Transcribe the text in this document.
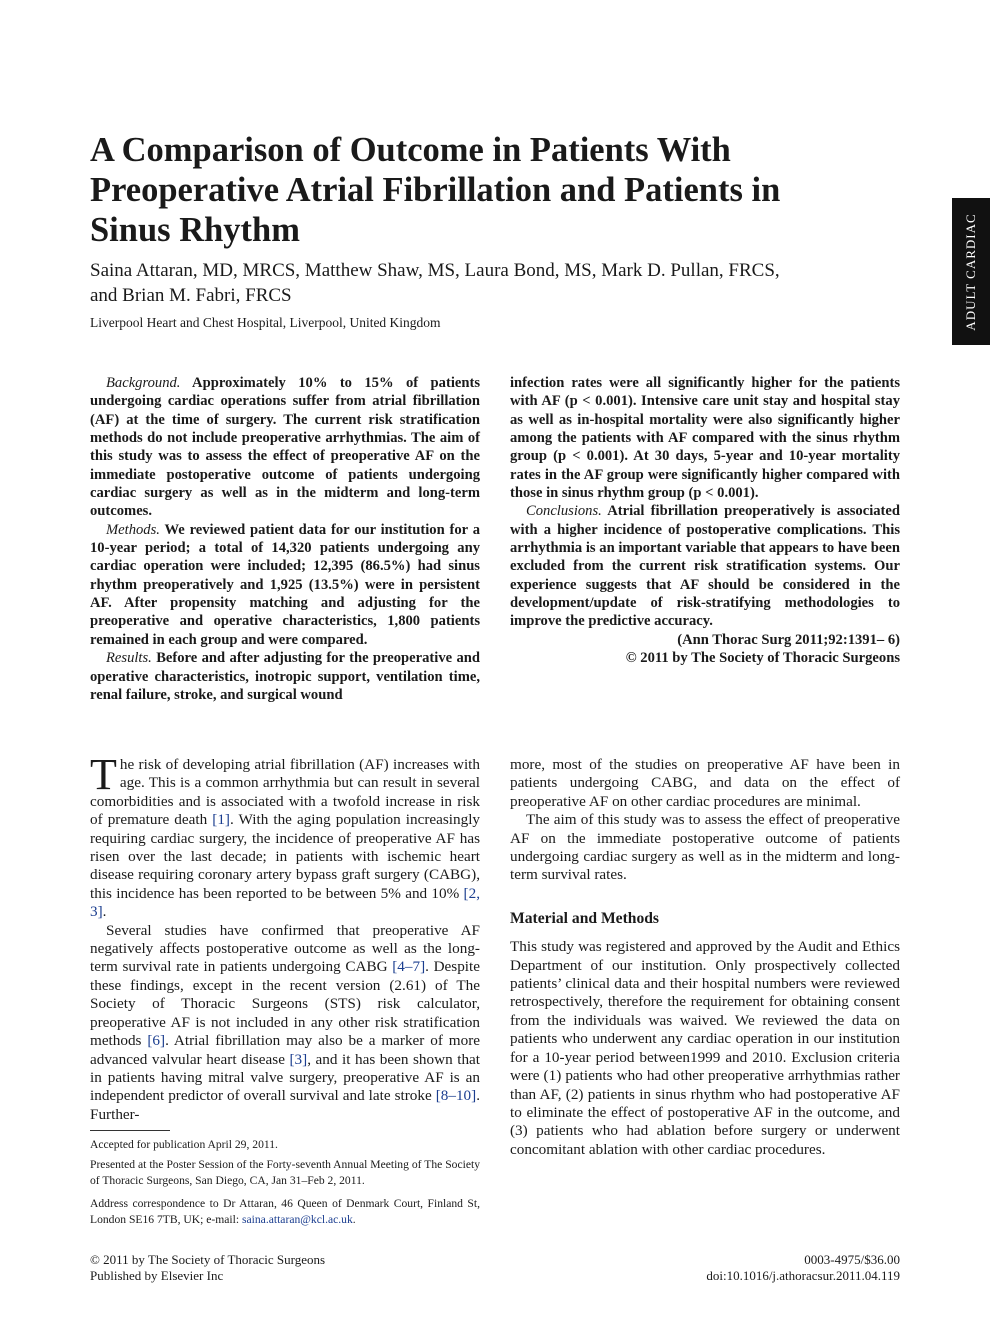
A Comparison of Outcome in Patients With
Preoperative Atrial Fibrillation and Patients in
Sinus Rhythm
Saina Attaran, MD, MRCS, Matthew Shaw, MS, Laura Bond, MS, Mark D. Pullan, FRCS,
and Brian M. Fabri, FRCS
Liverpool Heart and Chest Hospital, Liverpool, United Kingdom	ADULT CARDIAC

Background. Approximately 10% to 15% of patients undergoing cardiac operations suffer from atrial fibrillation (AF) at the time of surgery. The current risk stratification methods do not include preoperative arrhythmias. The aim of this study was to assess the effect of preoperative AF on the immediate postoperative outcome of patients undergoing cardiac surgery as well as in the midterm and long-term outcomes.

Methods. We reviewed patient data for our institution for a 10-year period; a total of 14,320 patients undergoing any cardiac operation were included; 12,395 (86.5%) had sinus rhythm preoperatively and 1,925 (13.5%) were in persistent AF. After propensity matching and adjusting for the preoperative and operative characteristics, 1,800 patients remained in each group and were compared.

Results. Before and after adjusting for the preoperative and operative characteristics, inotropic support, ventilation time, renal failure, stroke, and surgical wound

infection rates were all significantly higher for the patients with AF (p < 0.001). Intensive care unit stay and hospital stay as well as in-hospital mortality were also significantly higher among the patients with AF compared with the sinus rhythm group (p < 0.001). At 30 days, 5-year and 10-year mortality rates in the AF group were significantly higher compared with those in sinus rhythm group (p < 0.001).

Conclusions. Atrial fibrillation preoperatively is associated with a higher incidence of postoperative complications. This arrhythmia is an important variable that appears to have been excluded from the current risk stratification systems. Our experience suggests that AF should be considered in the development/update of risk-stratifying methodologies to improve the predictive accuracy.

(Ann Thorac Surg 2011;92:1391– 6)

© 2011 by The Society of Thoracic Surgeons

The risk of developing atrial fibrillation (AF) increases with age. This is a common arrhythmia but can result in several comorbidities and is associated with a twofold increase in risk of premature death [1]. With the aging population increasingly requiring cardiac surgery, the incidence of preoperative AF has risen over the last decade; in patients with ischemic heart disease requiring coronary artery bypass graft surgery (CABG), this incidence has been reported to be between 5% and 10% [2, 3].

Several studies have confirmed that preoperative AF negatively affects postoperative outcome as well as the long-term survival rate in patients undergoing CABG [4–7]. Despite these findings, except in the recent version (2.61) of The Society of Thoracic Surgeons (STS) risk calculator, preoperative AF is not included in any other risk stratification methods [6]. Atrial fibrillation may also be a marker of more advanced valvular heart disease [3], and it has been shown that in patients having mitral valve surgery, preoperative AF is an independent predictor of overall survival and late stroke [8–10]. Further-

more, most of the studies on preoperative AF have been in patients undergoing CABG, and data on the effect of preoperative AF on other cardiac procedures are minimal.

The aim of this study was to assess the effect of preoperative AF on the immediate postoperative outcome of patients undergoing cardiac surgery as well as in the midterm and long-term survival rates.

Material and Methods

This study was registered and approved by the Audit and Ethics Department of our institution. Only prospectively collected patients’ clinical data and their hospital numbers were reviewed retrospectively, therefore the requirement for obtaining consent from the individuals was waived. We reviewed the data on patients who underwent any cardiac operation in our institution for a 10-year period between1999 and 2010. Exclusion criteria were (1) patients who had other preoperative arrhythmias rather than AF, (2) patients in sinus rhythm who had postoperative AF to eliminate the effect of postoperative AF in the outcome, and (3) patients who had ablation before surgery or underwent concomitant ablation with other cardiac procedures.

Accepted for publication April 29, 2011.

Presented at the Poster Session of the Forty-seventh Annual Meeting of The Society of Thoracic Surgeons, San Diego, CA, Jan 31–Feb 2, 2011.

Address correspondence to Dr Attaran, 46 Queen of Denmark Court, Finland St, London SE16 7TB, UK; e-mail: saina.attaran@kcl.ac.uk.

© 2011 by The Society of Thoracic Surgeons
Published by Elsevier Inc
0003-4975/$36.00
doi:10.1016/j.athoracsur.2011.04.119
